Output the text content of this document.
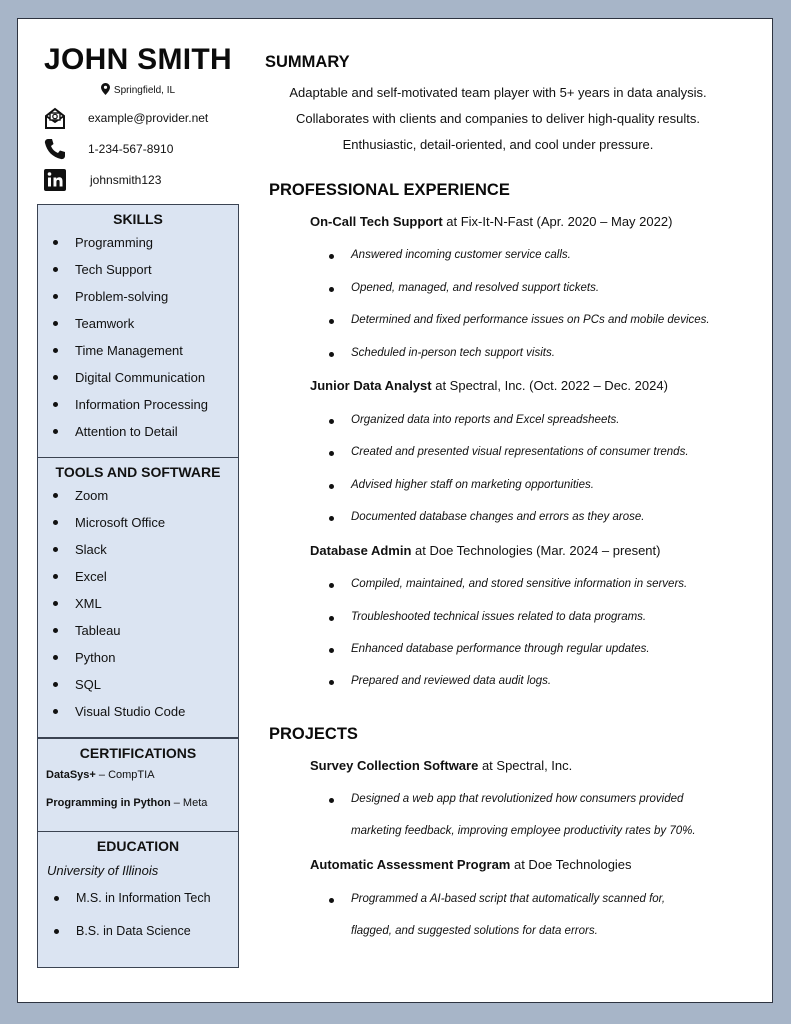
JOHN SMITH
Springfield, IL
example@provider.net
1-234-567-8910
johnsmith123
SKILLS
Programming
Tech Support
Problem-solving
Teamwork
Time Management
Digital Communication
Information Processing
Attention to Detail
TOOLS AND SOFTWARE
Zoom
Microsoft Office
Slack
Excel
XML
Tableau
Python
SQL
Visual Studio Code
CERTIFICATIONS
DataSys+ – CompTIA
Programming in Python – Meta
EDUCATION
University of Illinois
M.S. in Information Tech
B.S. in Data Science
SUMMARY
Adaptable and self-motivated team player with 5+ years in data analysis.
Collaborates with clients and companies to deliver high-quality results.
Enthusiastic, detail-oriented, and cool under pressure.
PROFESSIONAL EXPERIENCE
On-Call Tech Support at Fix-It-N-Fast (Apr. 2020 – May 2022)
Answered incoming customer service calls.
Opened, managed, and resolved support tickets.
Determined and fixed performance issues on PCs and mobile devices.
Scheduled in-person tech support visits.
Junior Data Analyst at Spectral, Inc. (Oct. 2022 – Dec. 2024)
Organized data into reports and Excel spreadsheets.
Created and presented visual representations of consumer trends.
Advised higher staff on marketing opportunities.
Documented database changes and errors as they arose.
Database Admin at Doe Technologies (Mar. 2024 – present)
Compiled, maintained, and stored sensitive information in servers.
Troubleshooted technical issues related to data programs.
Enhanced database performance through regular updates.
Prepared and reviewed data audit logs.
PROJECTS
Survey Collection Software at Spectral, Inc.
Designed a web app that revolutionized how consumers provided
marketing feedback, improving employee productivity rates by 70%.
Automatic Assessment Program at Doe Technologies
Programmed a AI-based script that automatically scanned for,
flagged, and suggested solutions for data errors.
